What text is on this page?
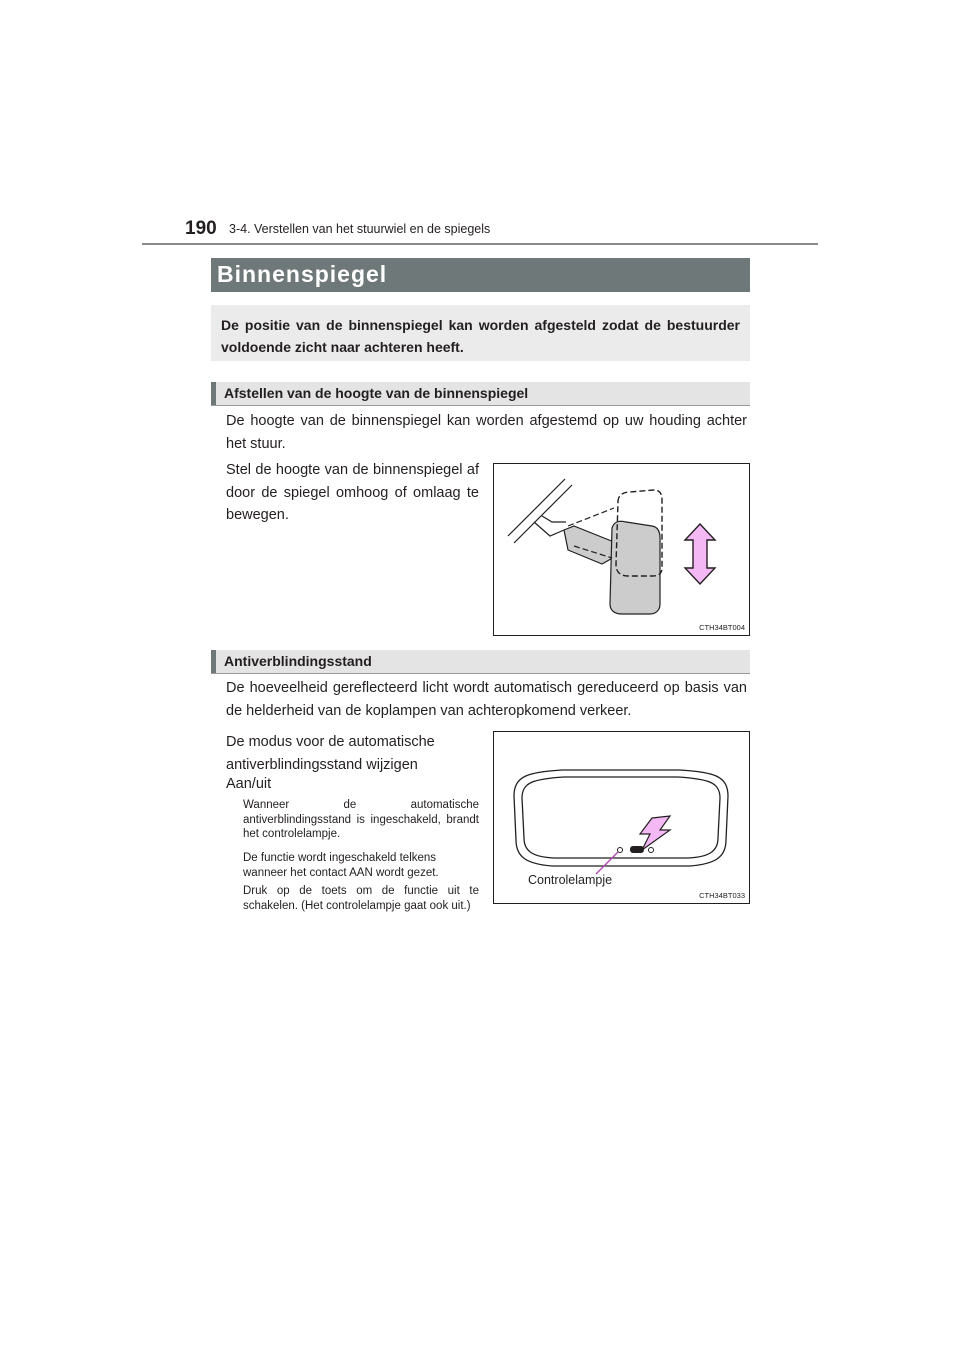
190 3-4. Verstellen van het stuurwiel en de spiegels
Binnenspiegel
De positie van de binnenspiegel kan worden afgesteld zodat de bestuurder voldoende zicht naar achteren heeft.
Afstellen van de hoogte van de binnenspiegel
De hoogte van de binnenspiegel kan worden afgestemd op uw houding achter het stuur.
Stel de hoogte van de binnenspiegel af door de spiegel omhoog of omlaag te bewegen.
CTH34BT004
Antiverblindingsstand
De hoeveelheid gereflecteerd licht wordt automatisch gereduceerd op basis van de helderheid van de koplampen van achteropkomend verkeer.
De modus voor de automatische antiverblindingsstand wijzigen
Aan/uit
Wanneer de automatische antiverblindingsstand is ingeschakeld, brandt het controlelampje.
De functie wordt ingeschakeld telkens wanneer het contact AAN wordt gezet.
Druk op de toets om de functie uit te schakelen. (Het controlelampje gaat ook uit.)
Controlelampje
CTH34BT033
